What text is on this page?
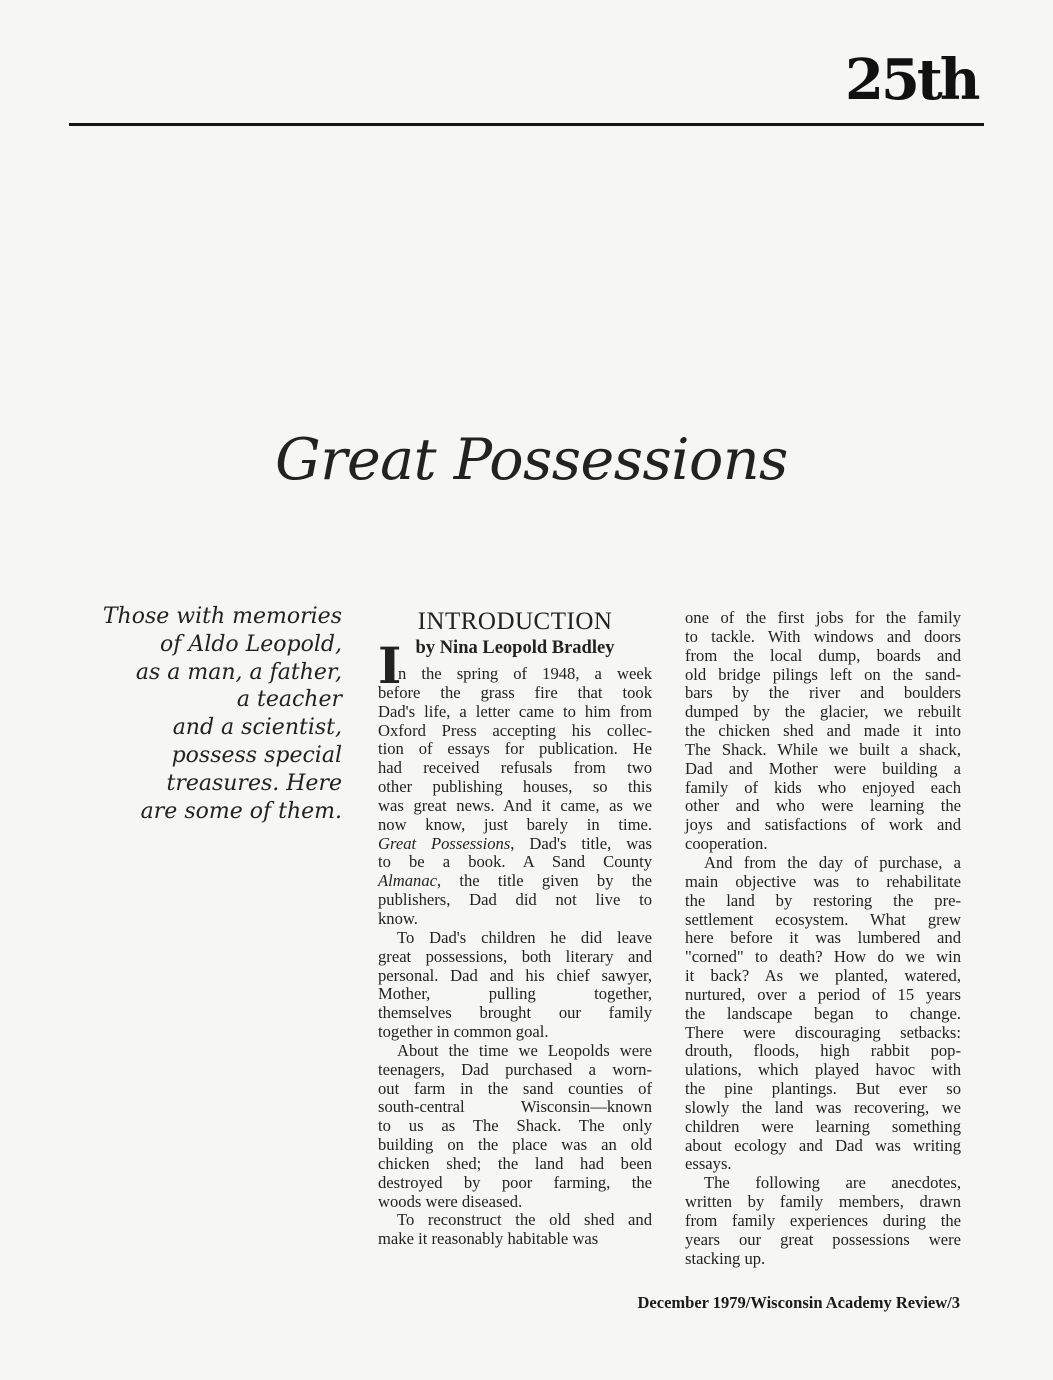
25th
Great Possessions
Those with memories
of Aldo Leopold,
as a man, a father,
a teacher
and a scientist,
possess special
treasures. Here
are some of them.
INTRODUCTION
by Nina Leopold Bradley
I
n the spring of 1948, a week
before the grass fire that took
Dad's life, a letter came to him from
Oxford Press accepting his collec-
tion of essays for publication. He
had received refusals from two
other publishing houses, so this
was great news. And it came, as we
now know, just barely in time.
Great Possessions, Dad's title, was
to be a book. A Sand County
Almanac, the title given by the
publishers, Dad did not live to
know.
To Dad's children he did leave
great possessions, both literary and
personal. Dad and his chief sawyer,
Mother, pulling together,
themselves brought our family
together in common goal.
About the time we Leopolds were
teenagers, Dad purchased a worn-
out farm in the sand counties of
south-central Wisconsin—known
to us as The Shack. The only
building on the place was an old
chicken shed; the land had been
destroyed by poor farming, the
woods were diseased.
To reconstruct the old shed and
make it reasonably habitable was
one of the first jobs for the family
to tackle. With windows and doors
from the local dump, boards and
old bridge pilings left on the sand-
bars by the river and boulders
dumped by the glacier, we rebuilt
the chicken shed and made it into
The Shack. While we built a shack,
Dad and Mother were building a
family of kids who enjoyed each
other and who were learning the
joys and satisfactions of work and
cooperation.
And from the day of purchase, a
main objective was to rehabilitate
the land by restoring the pre-
settlement ecosystem. What grew
here before it was lumbered and
"corned" to death? How do we win
it back? As we planted, watered,
nurtured, over a period of 15 years
the landscape began to change.
There were discouraging setbacks:
drouth, floods, high rabbit pop-
ulations, which played havoc with
the pine plantings. But ever so
slowly the land was recovering, we
children were learning something
about ecology and Dad was writing
essays.
The following are anecdotes,
written by family members, drawn
from family experiences during the
years our great possessions were
stacking up.
December 1979/Wisconsin Academy Review/3
